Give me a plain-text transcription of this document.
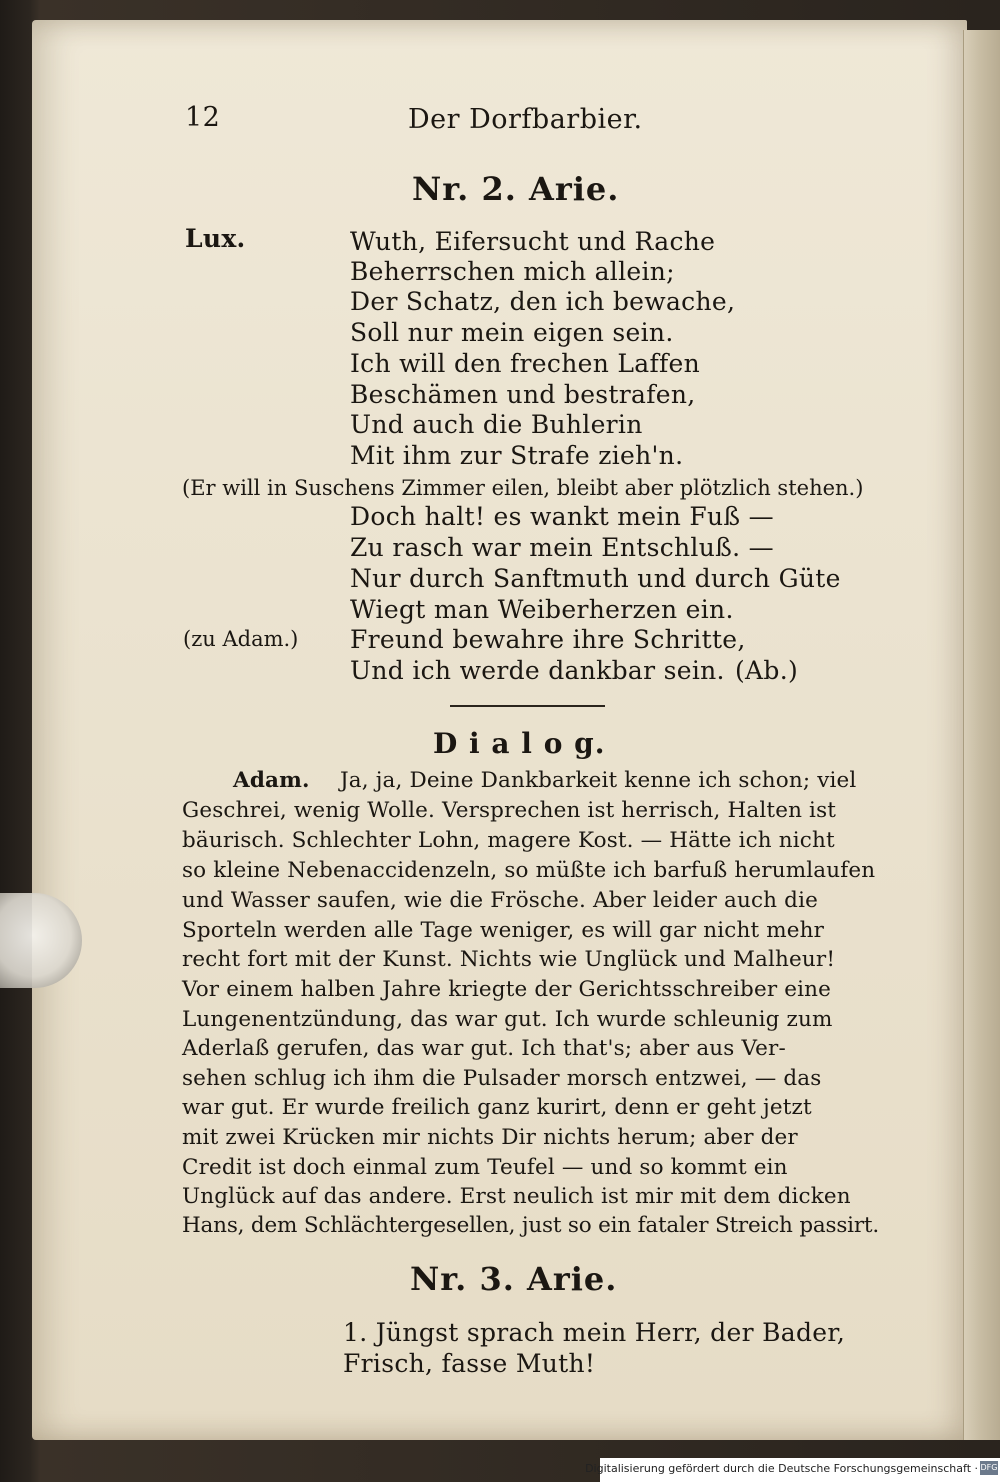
12	Der Dorfbarbier.
Nr. 2. Arie.
Lux.	Wuth, Eifersucht und Rache
Beherrschen mich allein;
Der Schatz, den ich bewache,
Soll nur mein eigen sein.
Ich will den frechen Laffen
Beschämen und bestrafen,
Und auch die Buhlerin
Mit ihm zur Strafe zieh'n.
(Er will in Suschens Zimmer eilen, bleibt aber plötzlich stehen.)
Doch halt! es wankt mein Fuß —
Zu rasch war mein Entschluß. —
Nur durch Sanftmuth und durch Güte
Wiegt man Weiberherzen ein.
(zu Adam.) Freund bewahre ihre Schritte,
Und ich werde dankbar sein. (Ab.)
D i a l o g.
Adam. Ja, ja, Deine Dankbarkeit kenne ich schon; viel
Geschrei, wenig Wolle. Versprechen ist herrisch, Halten ist
bäurisch. Schlechter Lohn, magere Kost. — Hätte ich nicht
so kleine Nebenaccidenzeln, so müßte ich barfuß herumlaufen
und Wasser saufen, wie die Frösche. Aber leider auch die
Sporteln werden alle Tage weniger, es will gar nicht mehr
recht fort mit der Kunst. Nichts wie Unglück und Malheur!
Vor einem halben Jahre kriegte der Gerichtsschreiber eine
Lungenentzündung, das war gut. Ich wurde schleunig zum
Aderlaß gerufen, das war gut. Ich that's; aber aus Ver-
sehen schlug ich ihm die Pulsader morsch entzwei, — das
war gut. Er wurde freilich ganz kurirt, denn er geht jetzt
mit zwei Krücken mir nichts Dir nichts herum; aber der
Credit ist doch einmal zum Teufel — und so kommt ein
Unglück auf das andere. Erst neulich ist mir mit dem dicken
Hans, dem Schlächtergesellen, just so ein fataler Streich passirt.
Nr. 3. Arie.
1. Jüngst sprach mein Herr, der Bader,
Frisch, fasse Muth!
Digitalisierung gefördert durch die Deutsche Forschungsgemeinschaft · DFG
